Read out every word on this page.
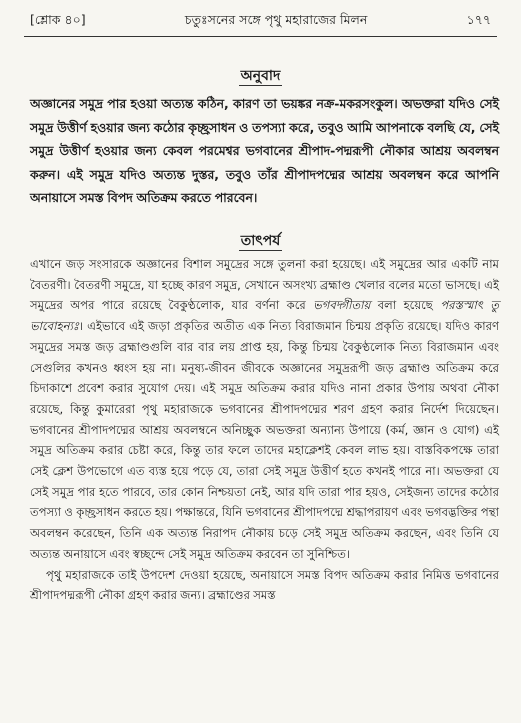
[শ্লোক ৪০]	চতুঃসনের সঙ্গে পৃথু মহারাজের মিলন	১৭৭
অনুবাদ
অজ্ঞানের সমুদ্র পার হওয়া অত্যন্ত কঠিন, কারণ তা ভয়ঙ্কর নক্র-মকরসংকুল। অভক্তরা যদিও সেই সমুদ্র উত্তীর্ণ হওয়ার জন্য কঠোর কৃচ্ছ্রসাধন ও তপস্যা করে, তবুও আমি আপনাকে বলছি যে, সেই সমুদ্র উত্তীর্ণ হওয়ার জন্য কেবল পরমেশ্বর ভগবানের শ্রীপাদ-পদ্মরূপী নৌকার আশ্রয় অবলম্বন করুন। এই সমুদ্র যদিও অত্যন্ত দুস্তর, তবুও তাঁর শ্রীপাদপদ্মের আশ্রয় অবলম্বন করে আপনি অনায়াসে সমস্ত বিপদ অতিক্রম করতে পারবেন।
তাৎপর্য

এখানে জড় সংসারকে অজ্ঞানের বিশাল সমুদ্রের সঙ্গে তুলনা করা হয়েছে। এই সমুদ্রের আর একটি নাম বৈতরণী। বৈতরণী সমুদ্রে, যা হচ্ছে কারণ সমুদ্র, সেখানে অসংখ্য ব্রহ্মাণ্ড খেলার বলের মতো ভাসছে। এই সমুদ্রের অপর পারে রয়েছে বৈকুণ্ঠলোক, যার বর্ণনা করে ভগবদ্গীতায় বলা হয়েছে পরস্তস্মাৎ তু ভাবোহন্যঃ। এইভাবে এই জড়া প্রকৃতির অতীত এক নিত্য বিরাজমান চিন্ময় প্রকৃতি রয়েছে। যদিও কারণ সমুদ্রের সমস্ত জড় ব্রহ্মাণ্ডগুলি বার বার লয় প্রাপ্ত হয়, কিন্তু চিন্ময় বৈকুণ্ঠলোক নিত্য বিরাজমান এবং সেগুলির কখনও ধ্বংস হয় না। মনুষ্য-জীবন জীবকে অজ্ঞানের সমুদ্ররূপী জড় ব্রহ্মাণ্ড অতিক্রম করে চিদাকাশে প্রবেশ করার সুযোগ দেয়। এই সমুদ্র অতিক্রম করার যদিও নানা প্রকার উপায় অথবা নৌকা রয়েছে, কিন্তু কুমারেরা পৃথু মহারাজকে ভগবানের শ্রীপাদপদ্মের শরণ গ্রহণ করার নির্দেশ দিয়েছেন। ভগবানের শ্রীপাদপদ্মের আশ্রয় অবলম্বনে অনিচ্ছুক অভক্তরা অন্যান্য উপায়ে (কর্ম, জ্ঞান ও যোগ) এই সমুদ্র অতিক্রম করার চেষ্টা করে, কিন্তু তার ফলে তাদের মহাক্লেশই কেবল লাভ হয়। বাস্তবিকপক্ষে তারা সেই ক্লেশ উপভোগে এত ব্যস্ত হয়ে পড়ে যে, তারা সেই সমুদ্র উত্তীর্ণ হতে কখনই পারে না। অভক্তরা যে সেই সমুদ্র পার হতে পারবে, তার কোন নিশ্চয়তা নেই, আর যদি তারা পার হয়ও, সেইজন্য তাদের কঠোর তপস্যা ও কৃচ্ছ্রসাধন করতে হয়। পক্ষান্তরে, যিনি ভগবানের শ্রীপাদপদ্মে শ্রদ্ধাপরায়ণ এবং ভগবদ্ভক্তির পন্থা অবলম্বন করেছেন, তিনি এক অত্যন্ত নিরাপদ নৌকায় চড়ে সেই সমুদ্র অতিক্রম করছেন, এবং তিনি যে অত্যন্ত অনায়াসে এবং স্বচ্ছন্দে সেই সমুদ্র অতিক্রম করবেন তা সুনিশ্চিত।

পৃথু মহারাজকে তাই উপদেশ দেওয়া হয়েছে, অনায়াসে সমস্ত বিপদ অতিক্রম করার নিমিত্ত ভগবানের শ্রীপাদপদ্মরূপী নৌকা গ্রহণ করার জন্য। ব্রহ্মাণ্ডের সমস্ত
